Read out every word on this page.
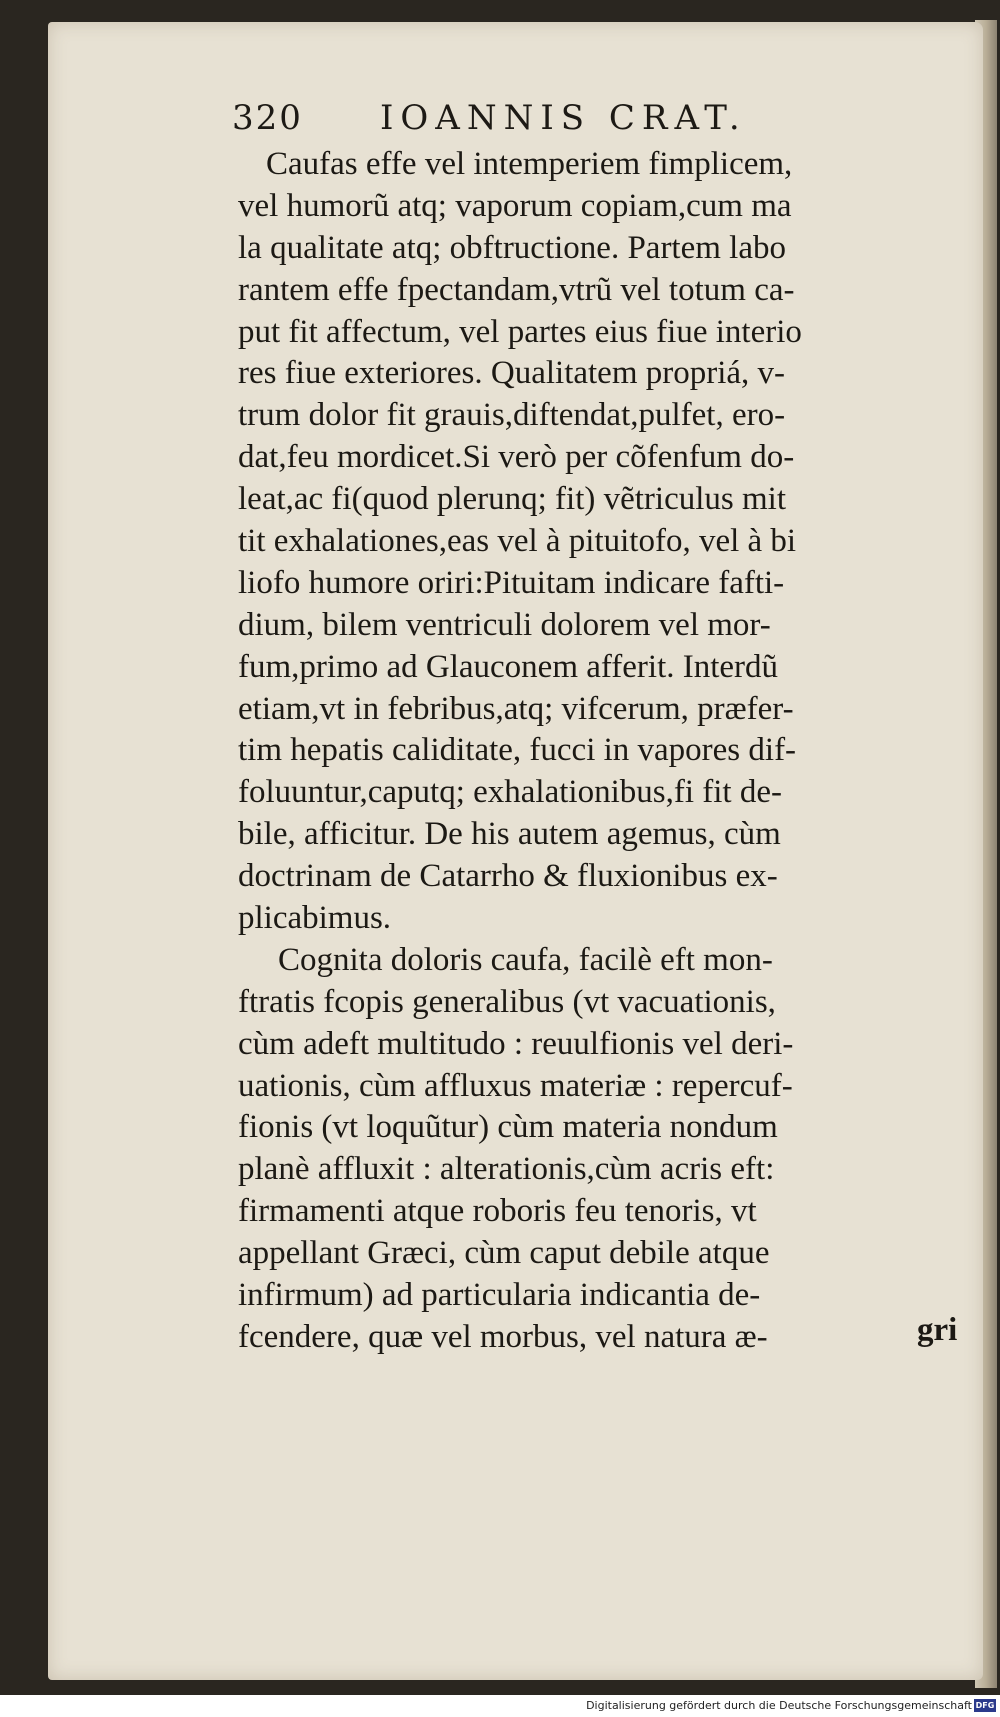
320 IOANNIS CRAT.
Caufas effe vel intemperiem fimplicem,
vel humorũ atq; vaporum copiam,cum ma
la qualitate atq; obftructione. Partem labo
rantem effe fpectandam,vtrũ vel totum ca-
put fit affectum, vel partes eius fiue interio
res fiue exteriores. Qualitatem propriá, v-
trum dolor fit grauis,diftendat,pulfet, ero-
dat,feu mordicet.Si verò per cõfenfum do-
leat,ac fi(quod plerunq; fit) vẽtriculus mit
tit exhalationes,eas vel à pituitofo, vel à bi
liofo humore oriri:Pituitam indicare fafti-
dium, bilem ventriculi dolorem vel mor-
fum,primo ad Glauconem afferit. Interdũ
etiam,vt in febribus,atq; vifcerum, præfer-
tim hepatis caliditate, fucci in vapores dif-
foluuntur,caputq; exhalationibus,fi fit de-
bile, afficitur. De his autem agemus, cùm
doctrinam de Catarrho & fluxionibus ex-
plicabimus.
Cognita doloris caufa, facilè eft mon-
ftratis fcopis generalibus (vt vacuationis,
cùm adeft multitudo : reuulfionis vel deri-
uationis, cùm affluxus materiæ : repercuf-
fionis (vt loquũtur) cùm materia nondum
planè affluxit : alterationis,cùm acris eft:
firmamenti atque roboris feu tenoris, vt
appellant Græci, cùm caput debile atque
infirmum) ad particularia indicantia de-
fcendere, quæ vel morbus, vel natura æ-	gri
Digitalisierung gefördert durch die Deutsche Forschungsgemeinschaft DFG
